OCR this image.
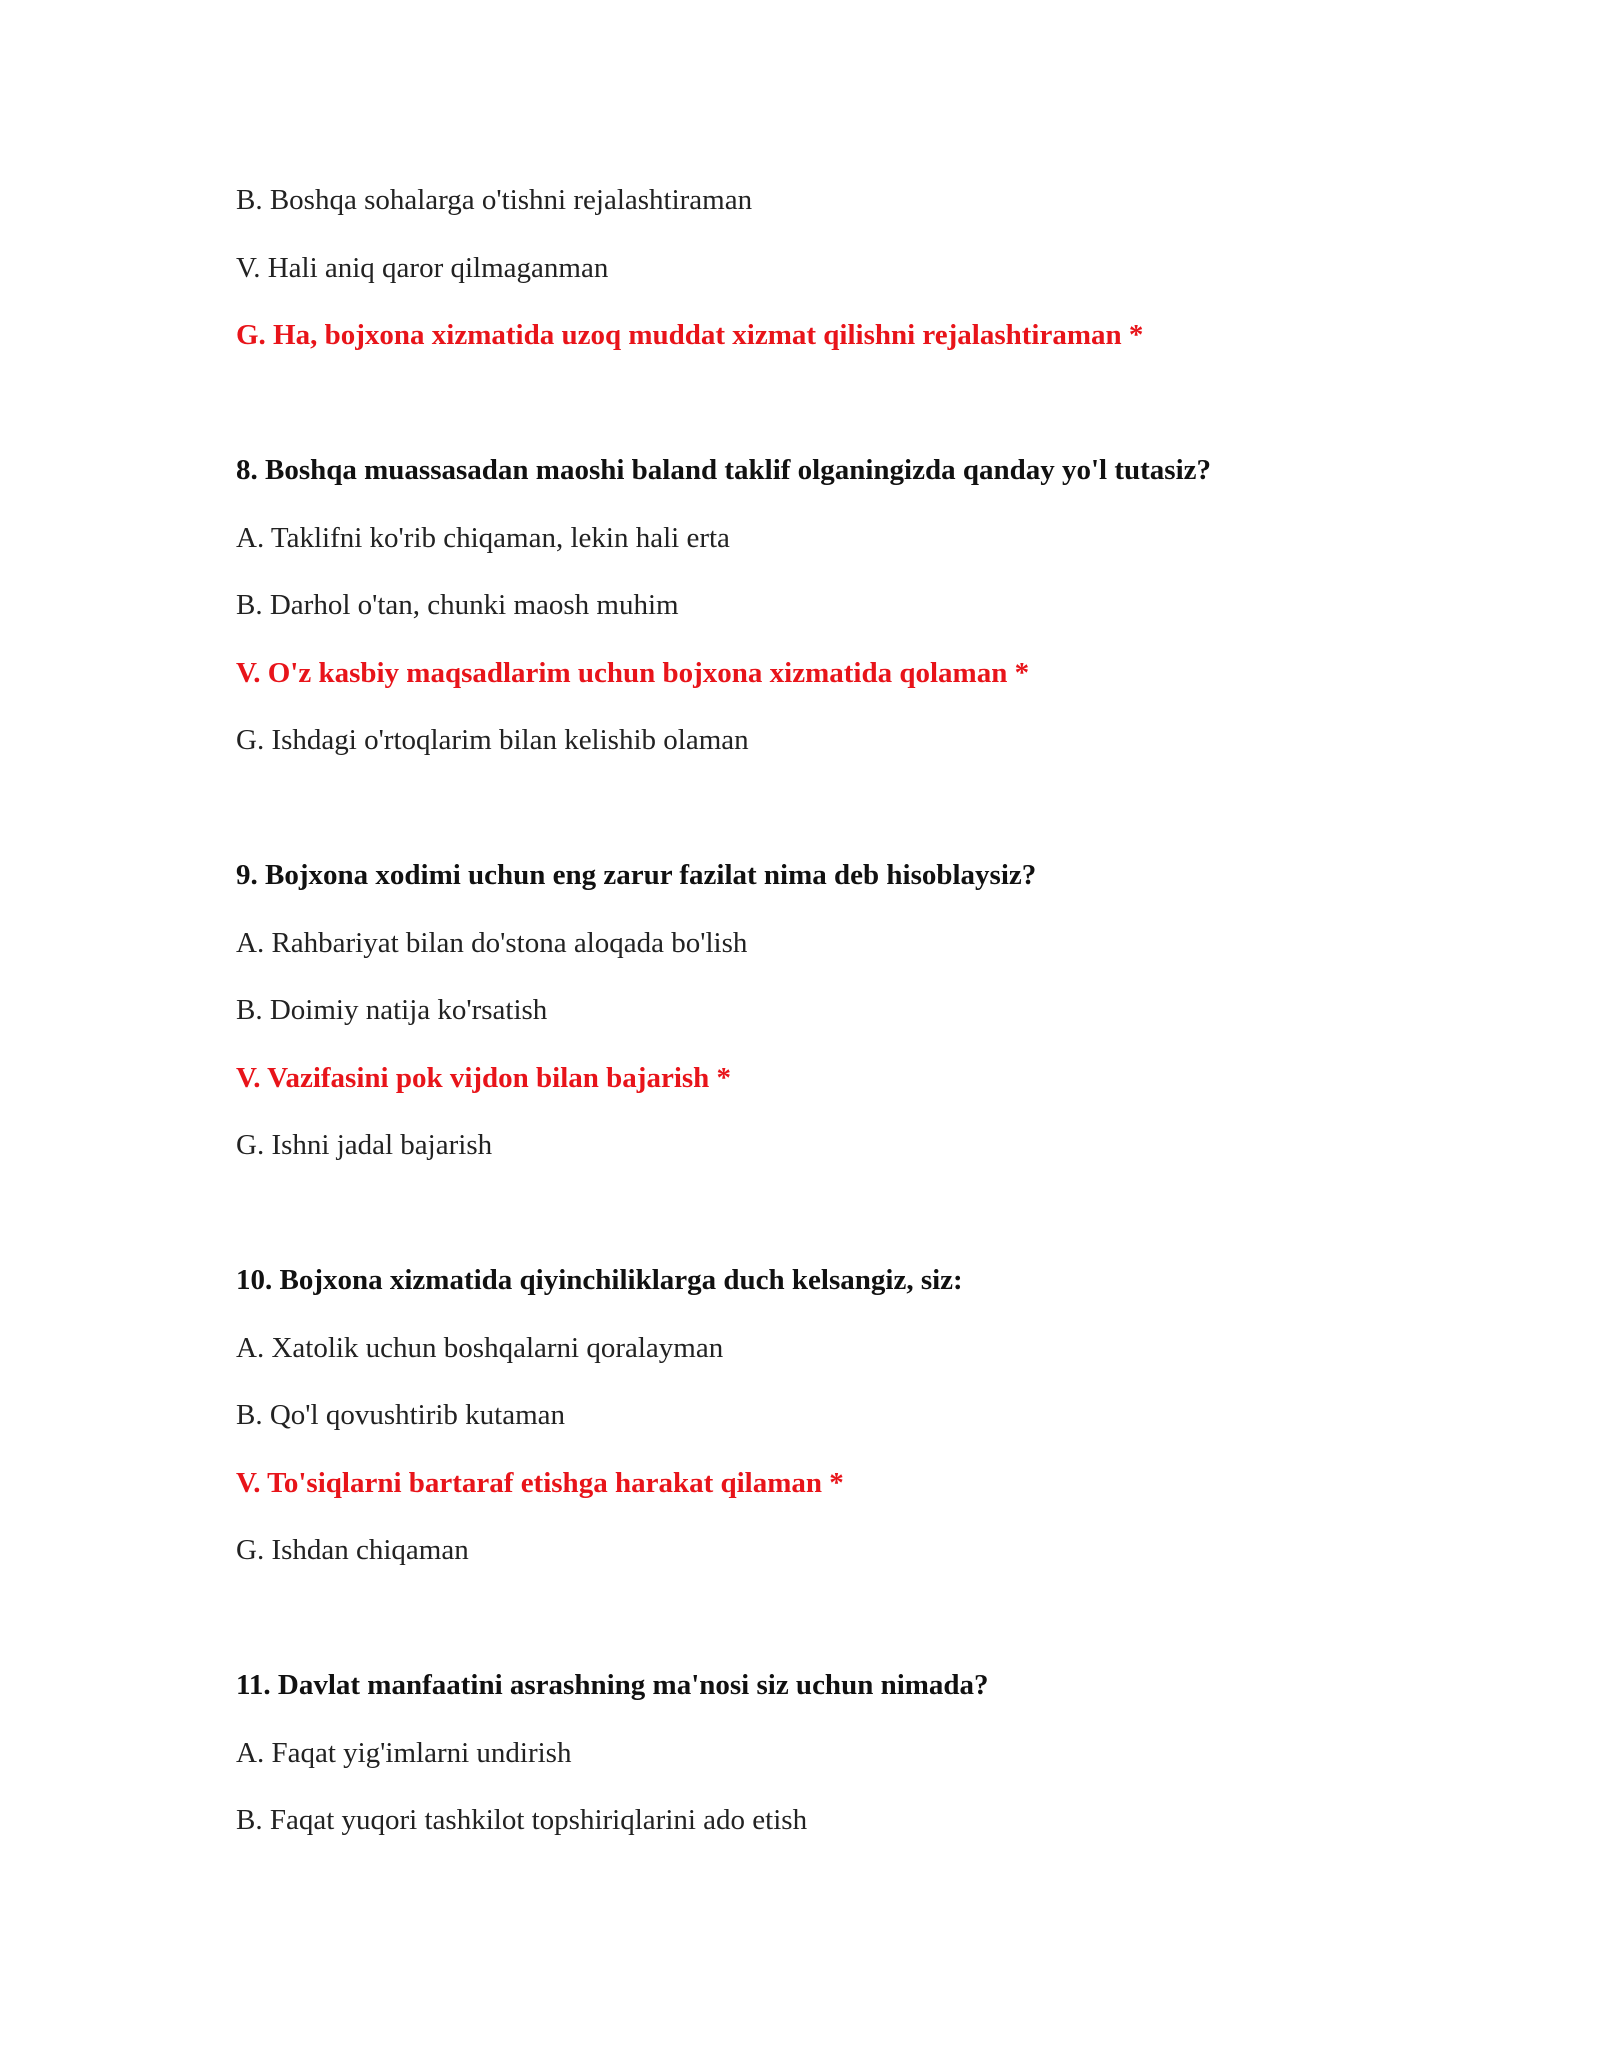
B. Boshqa sohalarga o'tishni rejalashtiraman
V. Hali aniq qaror qilmaganman
G. Ha, bojxona xizmatida uzoq muddat xizmat qilishni rejalashtiraman *
8. Boshqa muassasadan maoshi baland taklif olganingizda qanday yo'l tutasiz?
A. Taklifni ko'rib chiqaman, lekin hali erta
B. Darhol o'tan, chunki maosh muhim
V. O'z kasbiy maqsadlarim uchun bojxona xizmatida qolaman *
G. Ishdagi o'rtoqlarim bilan kelishib olaman
9. Bojxona xodimi uchun eng zarur fazilat nima deb hisoblaysiz?
A. Rahbariyat bilan do'stona aloqada bo'lish
B. Doimiy natija ko'rsatish
V. Vazifasini pok vijdon bilan bajarish *
G. Ishni jadal bajarish
10. Bojxona xizmatida qiyinchiliklarga duch kelsangiz, siz:
A. Xatolik uchun boshqalarni qoralayman
B. Qo'l qovushtirib kutaman
V. To'siqlarni bartaraf etishga harakat qilaman *
G. Ishdan chiqaman
11. Davlat manfaatini asrashning ma'nosi siz uchun nimada?
A. Faqat yig'imlarni undirish
B. Faqat yuqori tashkilot topshiriqlarini ado etish
